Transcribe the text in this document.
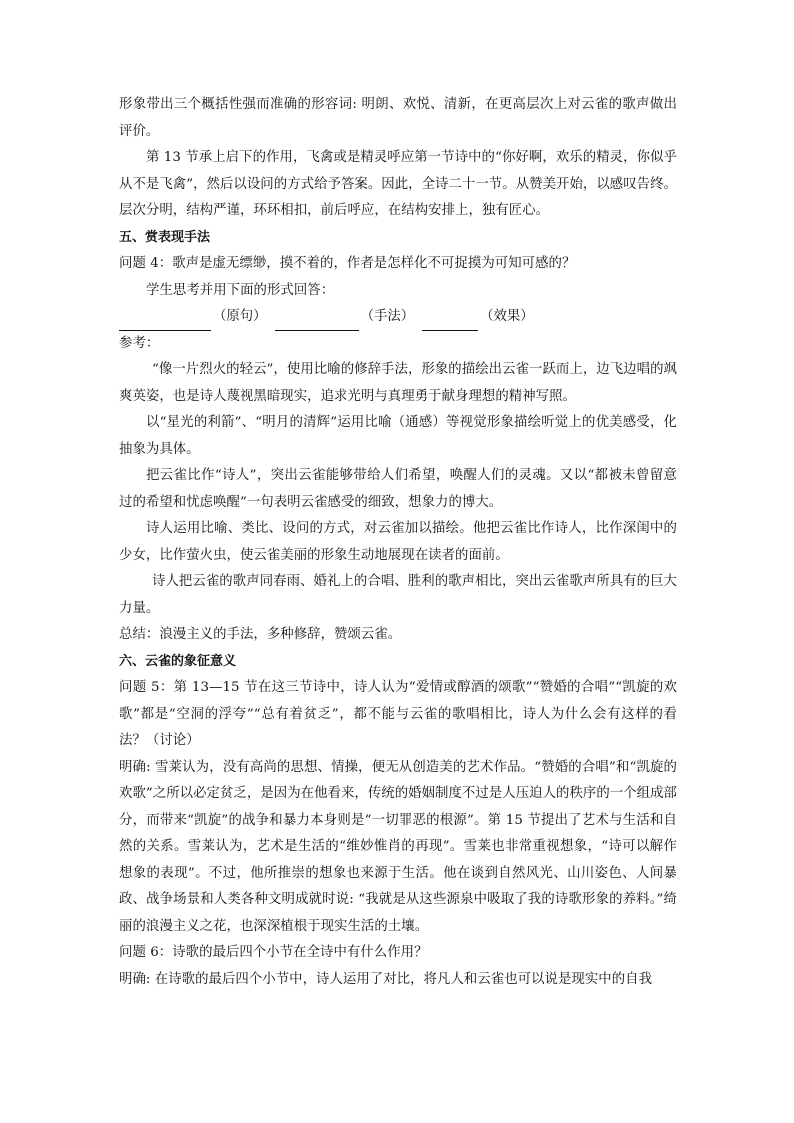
形象带出三个概括性强而准确的形容词: 明朗、欢悦、清新，在更高层次上对云雀的歌声做出评价。

第 13 节承上启下的作用，飞禽或是精灵呼应第一节诗中的“你好啊，欢乐的精灵，你似乎从不是飞禽”，然后以设问的方式给予答案。因此，全诗二十一节。从赞美开始，以感叹告终。层次分明，结构严谨，环环相扣，前后呼应，在结构安排上，独有匠心。

五、赏表现手法

问题 4：歌声是虚无缥缈，摸不着的，作者是怎样化不可捉摸为可知可感的？

学生思考并用下面的形式回答：

（原句）	（手法）	（效果）

参考：

“像一片烈火的轻云”，使用比喻的修辞手法，形象的描绘出云雀一跃而上，边飞边唱的飒爽英姿，也是诗人蔑视黑暗现实，追求光明与真理勇于献身理想的精神写照。

以“星光的利箭”、“明月的清辉”运用比喻（通感）等视觉形象描绘听觉上的优美感受，化抽象为具体。

把云雀比作“诗人”，突出云雀能够带给人们希望，唤醒人们的灵魂。又以“都被未曾留意过的希望和忧虑唤醒”一句表明云雀感受的细致，想象力的博大。

诗人运用比喻、类比、设问的方式，对云雀加以描绘。他把云雀比作诗人，比作深闺中的少女，比作萤火虫，使云雀美丽的形象生动地展现在读者的面前。

诗人把云雀的歌声同春雨、婚礼上的合唱、胜利的歌声相比，突出云雀歌声所具有的巨大力量。

总结：浪漫主义的手法，多种修辞，赞颂云雀。

六、云雀的象征意义

问题 5：第 13—15 节在这三节诗中，诗人认为“爱情或醇酒的颂歌”“赞婚的合唱”“凯旋的欢歌”都是“空洞的浮夸”“总有着贫乏”，都不能与云雀的歌唱相比，诗人为什么会有这样的看法？（讨论）

明确: 雪莱认为，没有高尚的思想、情操，便无从创造美的艺术作品。“赞婚的合唱”和“凯旋的欢歌”之所以必定贫乏，是因为在他看来，传统的婚姻制度不过是人压迫人的秩序的一个组成部分，而带来“凯旋”的战争和暴力本身则是“一切罪恶的根源”。第 15 节提出了艺术与生活和自然的关系。雪莱认为，艺术是生活的“维妙惟肖的再现”。雪莱也非常重视想象，“诗可以解作想象的表现”。不过，他所推崇的想象也来源于生活。他在谈到自然风光、山川姿色、人间暴政、战争场景和人类各种文明成就时说: “我就是从这些源泉中吸取了我的诗歌形象的养料。”绮丽的浪漫主义之花，也深深植根于现实生活的土壤。

问题 6：诗歌的最后四个小节在全诗中有什么作用？

明确: 在诗歌的最后四个小节中，诗人运用了对比，将凡人和云雀也可以说是现实中的自我
